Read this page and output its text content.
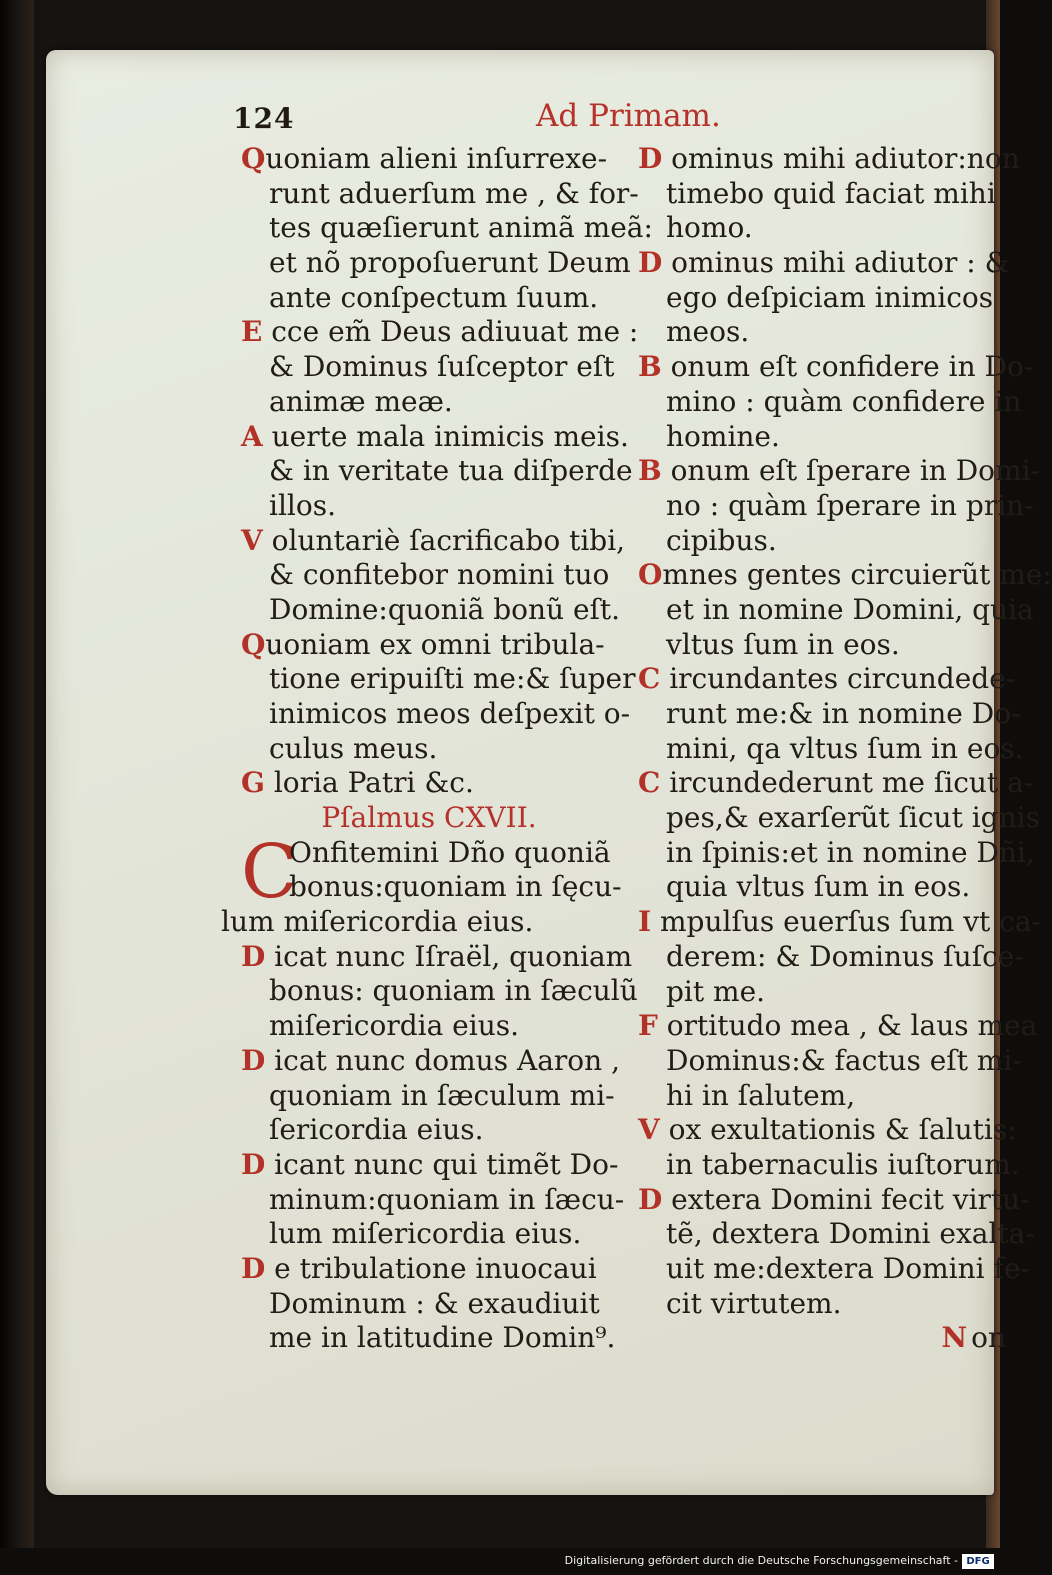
124	Ad Primam.
Quoniam alieni inſurrexe-
runt aduerſum me , & for-
tes quæſierunt animã meã:
et nõ propoſuerunt Deum
ante conſpectum ſuum.
E cce em̃ Deus adiuuat me :
& Dominus ſuſceptor eſt
animæ meæ.
A uerte mala inimicis meis.
& in veritate tua diſperde
illos.
V oluntariè ſacrificabo tibi,
& confitebor nomini tuo
Domine:quoniã bonũ eſt.
Quoniam ex omni tribula-
tione eripuiſti me:& ſuper
inimicos meos deſpexit o-
culus meus.
G loria Patri &c.
Pſalmus CXVII.
C
Onfitemini Dño quoniã
bonus:quoniam in ſęcu-
lum miſericordia eius.
D icat nunc Iſraël, quoniam
bonus: quoniam in ſæculũ
miſericordia eius.
D icat nunc domus Aaron ,
quoniam in ſæculum mi-
ſericordia eius.
D icant nunc qui timẽt Do-
minum:quoniam in ſæcu-
lum miſericordia eius.
D e tribulatione inuocaui
Dominum : & exaudiuit
me in latitudine Domin⁹.
D ominus mihi adiutor:non
timebo quid faciat mihi
homo.
D ominus mihi adiutor : &
ego deſpiciam inimicos
meos.
B onum eſt confidere in Do-
mino : quàm confidere in
homine.
B onum eſt ſperare in Domi-
no : quàm ſperare in prin-
cipibus.
Omnes gentes circuierũt me:
et in nomine Domini, quia
vltus ſum in eos.
C ircundantes circundede-
runt me:& in nomine Do-
mini, qa vltus ſum in eos.
C ircundederunt me ſicut a-
pes,& exarſerũt ſicut ignis
in ſpinis:et in nomine Dñi,
quia vltus ſum in eos.
I mpulſus euerſus ſum vt ca-
derem: & Dominus ſuſce-
pit me.
F ortitudo mea , & laus mea
Dominus:& factus eſt mi-
hi in ſalutem,
V ox exultationis & ſalutis:
in tabernaculis iuſtorum.
D extera Domini fecit virtu-
tẽ, dextera Domini exalta-
uit me:dextera Domini fe-
cit virtutem.
N on
Digitalisierung gefördert durch die Deutsche Forschungsgemeinschaft - DFG
